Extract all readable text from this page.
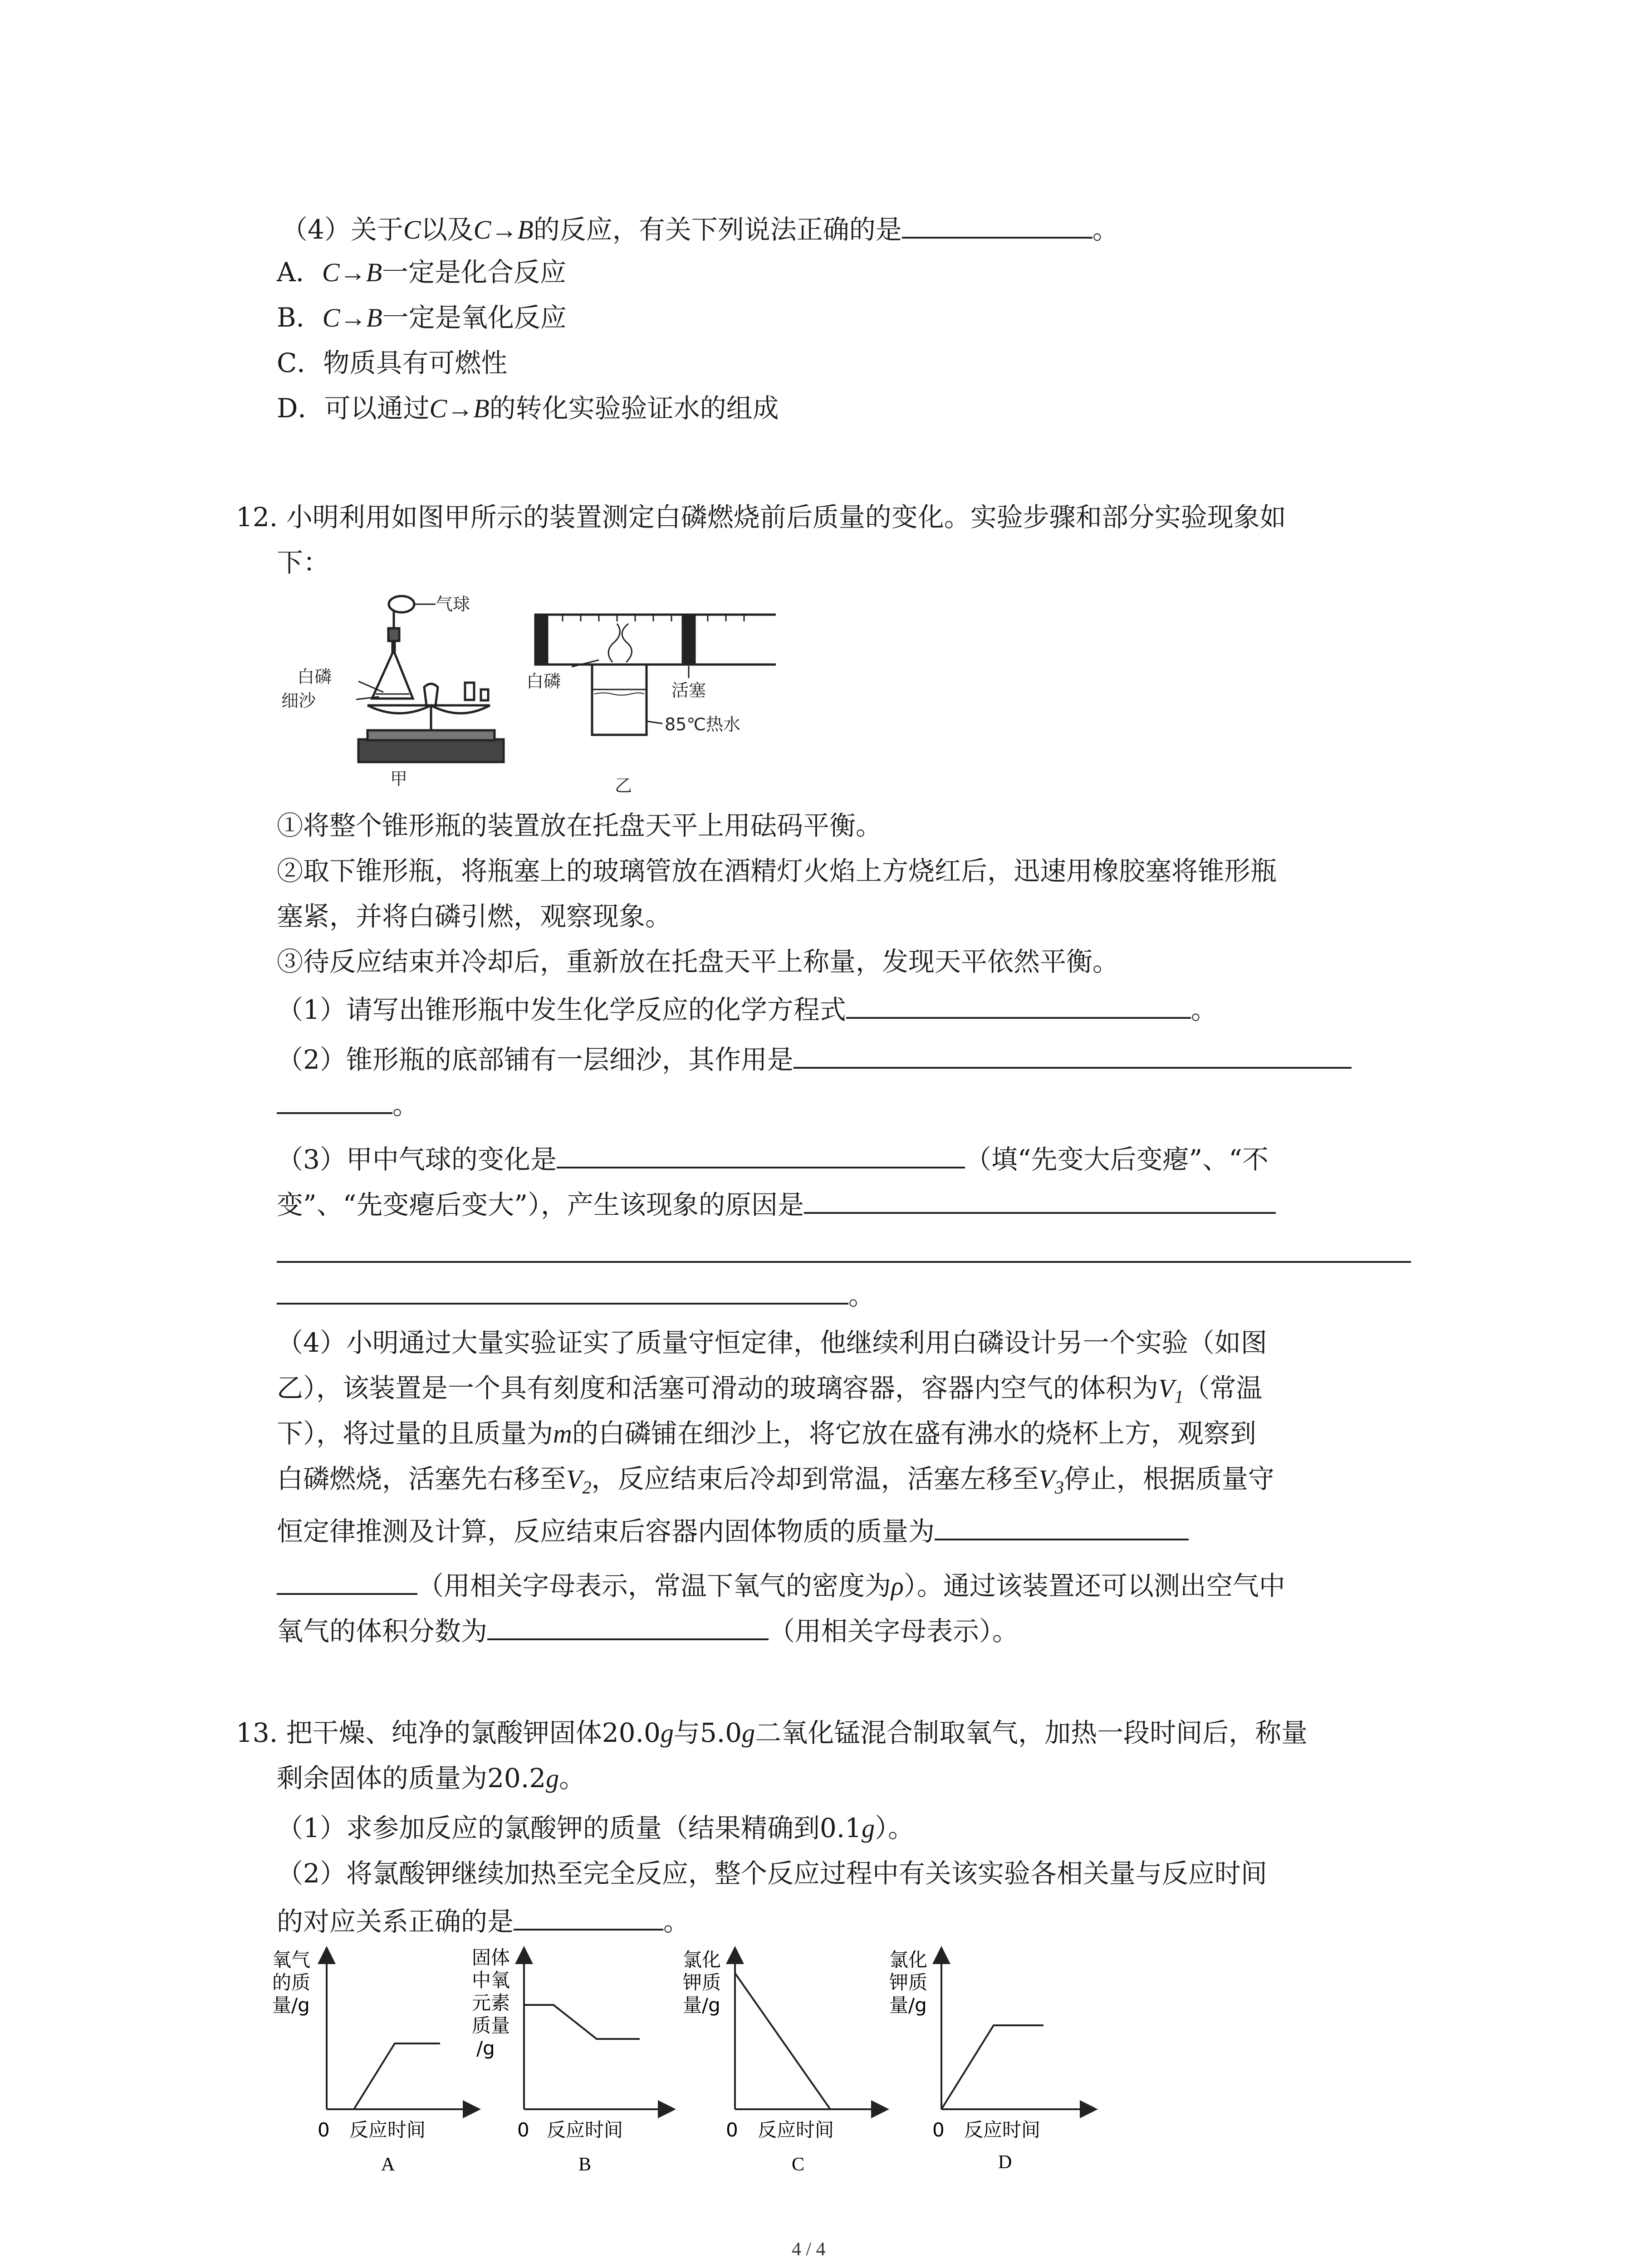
（4）关于C以及C→B的反应，有关下列说法正确的是	。
A．C→B一定是化合反应
B．C→B一定是氧化反应
C．物质具有可燃性
D．可以通过C→B的转化实验验证水的组成
12. 小明利用如图甲所示的装置测定白磷燃烧前后质量的变化。实验步骤和部分实验现象如
下：
气球
白磷
细沙
甲
白磷	活塞
85℃热水
乙
①将整个锥形瓶的装置放在托盘天平上用砝码平衡。
②取下锥形瓶，将瓶塞上的玻璃管放在酒精灯火焰上方烧红后，迅速用橡胶塞将锥形瓶
塞紧，并将白磷引燃，观察现象。
③待反应结束并冷却后，重新放在托盘天平上称量，发现天平依然平衡。
（1）请写出锥形瓶中发生化学反应的化学方程式	。
（2）锥形瓶的底部铺有一层细沙，其作用是
。
（3）甲中气球的变化是	（填“先变大后变瘪”、“不
变”、“先变瘪后变大”），产生该现象的原因是
。
（4）小明通过大量实验证实了质量守恒定律，他继续利用白磷设计另一个实验（如图
乙），该装置是一个具有刻度和活塞可滑动的玻璃容器，容器内空气的体积为$V_1$（常温
下），将过量的且质量为m的白磷铺在细沙上，将它放在盛有沸水的烧杯上方，观察到
白磷燃烧，活塞先右移至$V_2$，反应结束后冷却到常温，活塞左移至$V_3$停止，根据质量守
恒定律推测及计算，反应结束后容器内固体物质的质量为
（用相关字母表示，常温下氧气的密度为ρ）。通过该装置还可以测出空气中
氧气的体积分数为	（用相关字母表示）。
13. 把干燥、纯净的氯酸钾固体20.0g与5.0g二氧化锰混合制取氧气，加热一段时间后，称量
剩余固体的质量为20.2g。
（1）求参加反应的氯酸钾的质量（结果精确到0.1g）。
（2）将氯酸钾继续加热至完全反应，整个反应过程中有关该实验各相关量与反应时间
的对应关系正确的是	。
氧气
的质
量/g
0 反应时间
A
固体
中氧
元素
质量
/g
0 反应时间
B
氯化
钾质
量/g
0 反应时间
C
氯化
钾质
量/g
0 反应时间
D
4 / 4
